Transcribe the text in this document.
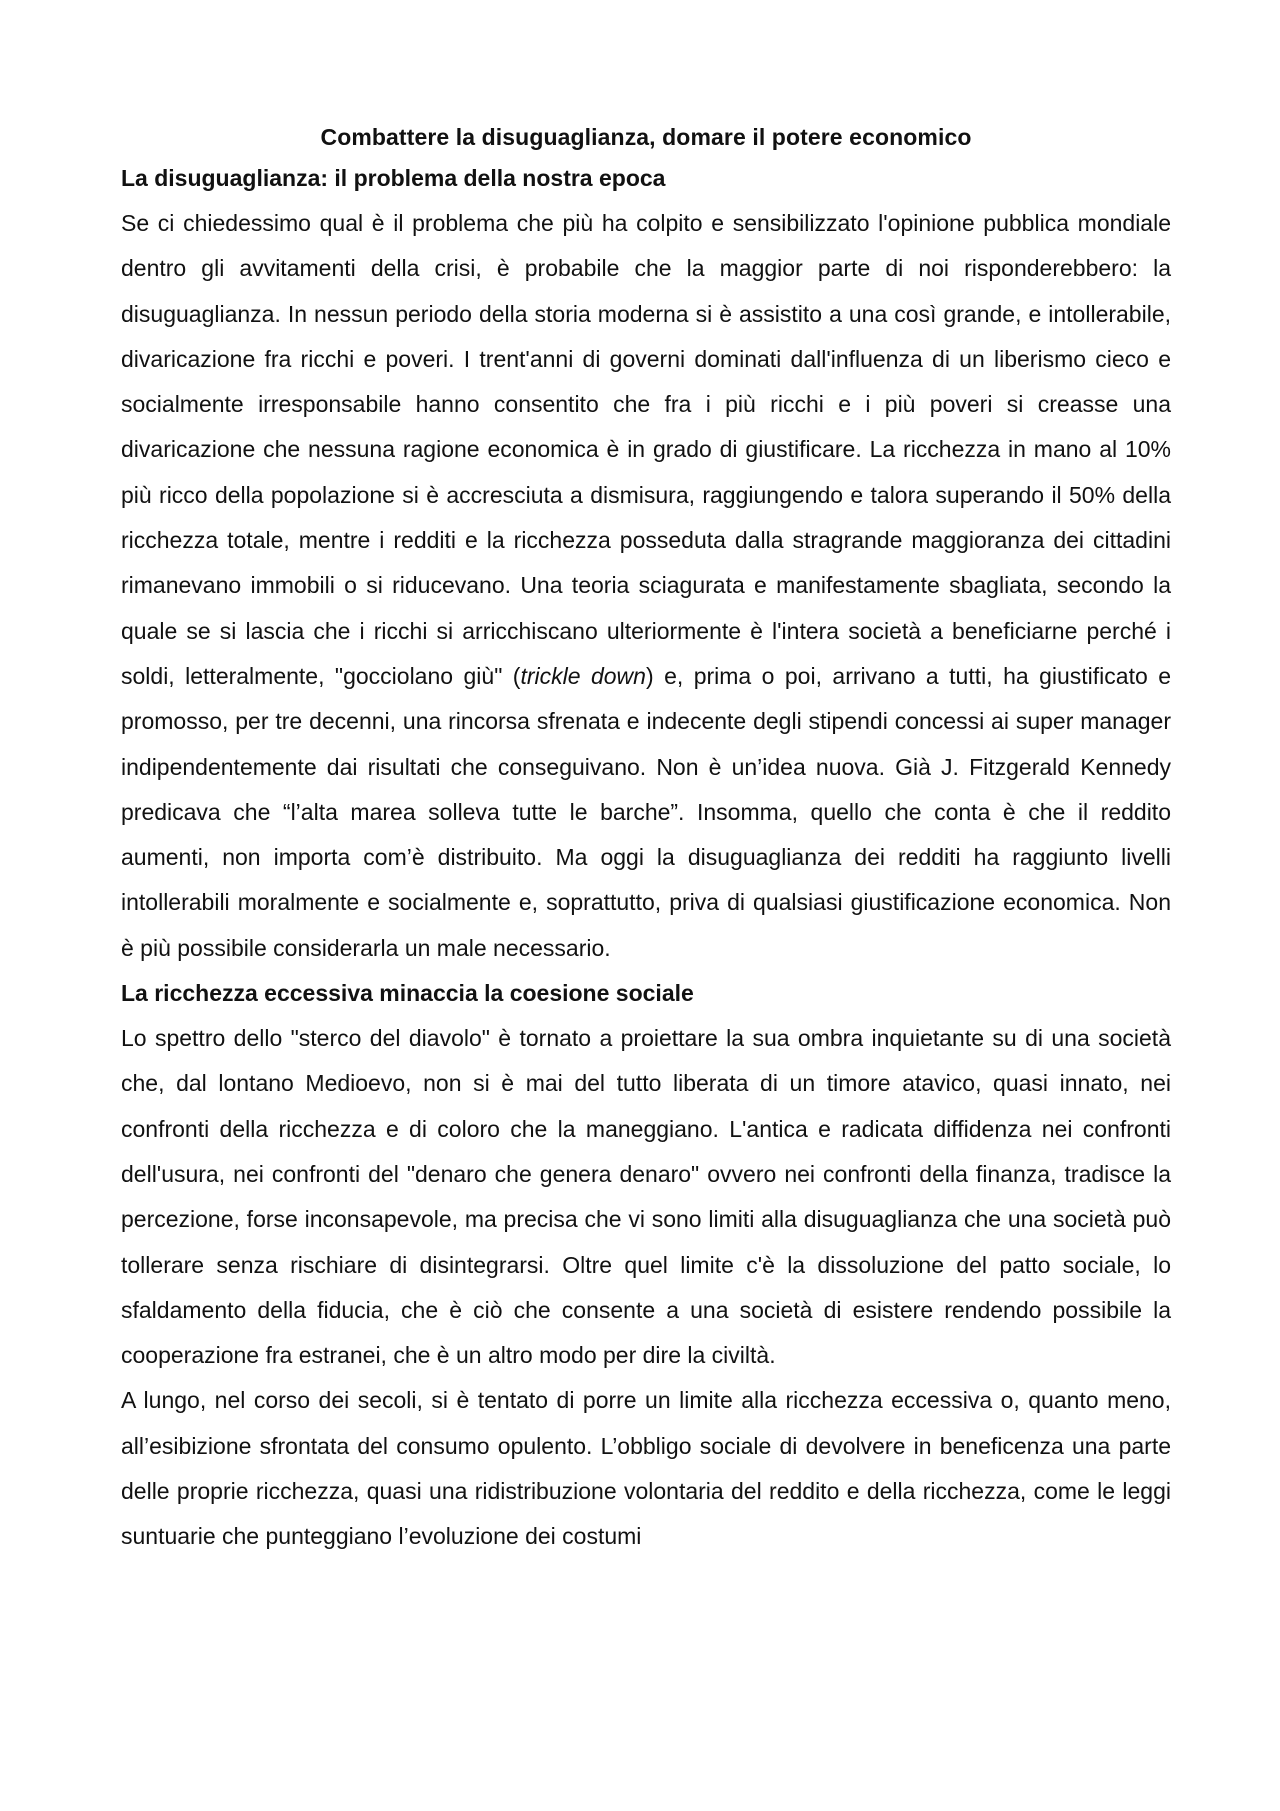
Combattere la disuguaglianza, domare il potere economico
La disuguaglianza: il problema della nostra epoca

Se ci chiedessimo qual è il problema che più ha colpito e sensibilizzato l'opinione pubblica mondiale dentro gli avvitamenti della crisi, è probabile che la maggior parte di noi risponderebbero: la disuguaglianza. In nessun periodo della storia moderna si è assistito a una così grande, e intollerabile, divaricazione fra ricchi e poveri. I trent'anni di governi dominati dall'influenza di un liberismo cieco e socialmente irresponsabile hanno consentito che fra i più ricchi e i più poveri si creasse una divaricazione che nessuna ragione economica è in grado di giustificare. La ricchezza in mano al 10% più ricco della popolazione si è accresciuta a dismisura, raggiungendo e talora superando il 50% della ricchezza totale, mentre i redditi e la ricchezza posseduta dalla stragrande maggioranza dei cittadini rimanevano immobili o si riducevano. Una teoria sciagurata e manifestamente sbagliata, secondo la quale se si lascia che i ricchi si arricchiscano ulteriormente è l'intera società a beneficiarne perché i soldi, letteralmente, "gocciolano giù" (trickle down) e, prima o poi, arrivano a tutti, ha giustificato e promosso, per tre decenni, una rincorsa sfrenata e indecente degli stipendi concessi ai super manager indipendentemente dai risultati che conseguivano. Non è un’idea nuova. Già J. Fitzgerald Kennedy predicava che “l’alta marea solleva tutte le barche”. Insomma, quello che conta è che il reddito aumenti, non importa com’è distribuito. Ma oggi la disuguaglianza dei redditi ha raggiunto livelli intollerabili moralmente e socialmente e, soprattutto, priva di qualsiasi giustificazione economica. Non è più possibile considerarla un male necessario.

La ricchezza eccessiva minaccia la coesione sociale

Lo spettro dello "sterco del diavolo" è tornato a proiettare la sua ombra inquietante su di una società che, dal lontano Medioevo, non si è mai del tutto liberata di un timore atavico, quasi innato, nei confronti della ricchezza e di coloro che la maneggiano. L'antica e radicata diffidenza nei confronti dell'usura, nei confronti del "denaro che genera denaro" ovvero nei confronti della finanza, tradisce la percezione, forse inconsapevole, ma precisa che vi sono limiti alla disuguaglianza che una società può tollerare senza rischiare di disintegrarsi. Oltre quel limite c'è la dissoluzione del patto sociale, lo sfaldamento della fiducia, che è ciò che consente a una società di esistere rendendo possibile la cooperazione fra estranei, che è un altro modo per dire la civiltà.

A lungo, nel corso dei secoli, si è tentato di porre un limite alla ricchezza eccessiva o, quanto meno, all’esibizione sfrontata del consumo opulento. L’obbligo sociale di devolvere in beneficenza una parte delle proprie ricchezza, quasi una ridistribuzione volontaria del reddito e della ricchezza, come le leggi suntuarie che punteggiano l’evoluzione dei costumi
